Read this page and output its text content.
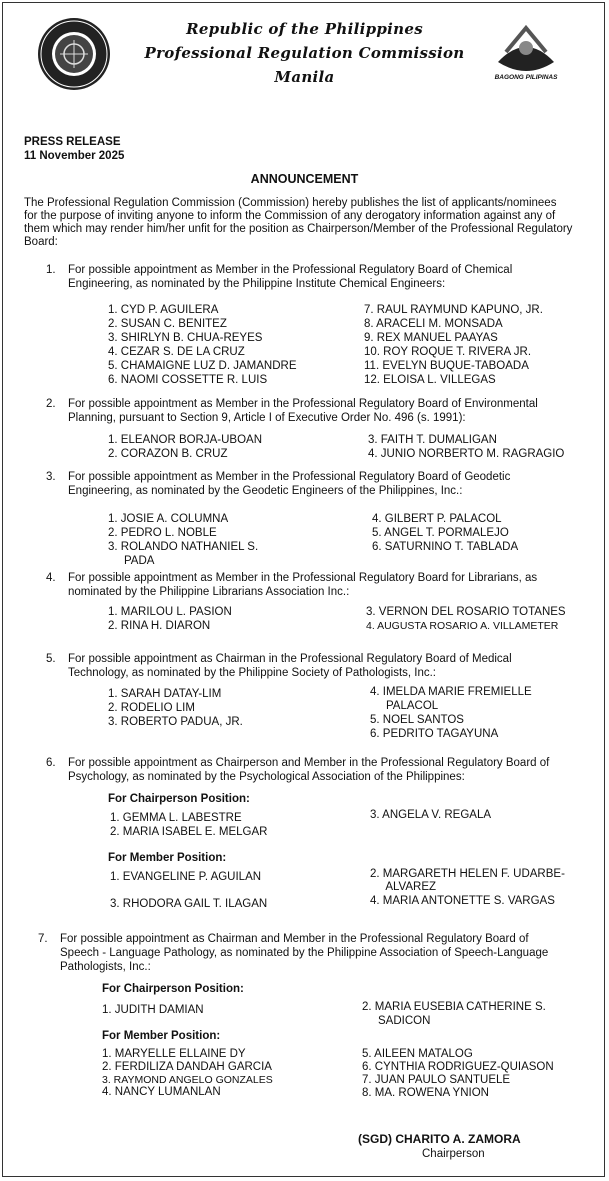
Republic of the Philippines
Professional Regulation Commission
Manila	BAGONG PILIPINAS
PRESS RELEASE
11 November 2025
ANNOUNCEMENT
The Professional Regulation Commission (Commission) hereby publishes the list of applicants/nominees
for the purpose of inviting anyone to inform the Commission of any derogatory information against any of
them which may render him/her unfit for the position as Chairperson/Member of the Professional Regulatory
Board:
1. For possible appointment as Member in the Professional Regulatory Board of Chemical
Engineering, as nominated by the Philippine Institute Chemical Engineers:
1. CYD P. AGUILERA
2. SUSAN C. BENITEZ
3. SHIRLYN B. CHUA-REYES
4. CEZAR S. DE LA CRUZ
5. CHAMAIGNE LUZ D. JAMANDRE
6. NAOMI COSSETTE R. LUIS
7. RAUL RAYMUND KAPUNO, JR.
8. ARACELI M. MONSADA
9. REX MANUEL PAAYAS
10. ROY ROQUE T. RIVERA JR.
11. EVELYN BUQUE-TABOADA
12. ELOISA L. VILLEGAS
2. For possible appointment as Member in the Professional Regulatory Board of Environmental
Planning, pursuant to Section 9, Article I of Executive Order No. 496 (s. 1991):
1. ELEANOR BORJA-UBOAN
2. CORAZON B. CRUZ
3. FAITH T. DUMALIGAN
4. JUNIO NORBERTO M. RAGRAGIO
3. For possible appointment as Member in the Professional Regulatory Board of Geodetic
Engineering, as nominated by the Geodetic Engineers of the Philippines, Inc.:
1. JOSIE A. COLUMNA
2. PEDRO L. NOBLE
3. ROLANDO NATHANIEL S.
PADA
4. GILBERT P. PALACOL
5. ANGEL T. PORMALEJO
6. SATURNINO T. TABLADA
4. For possible appointment as Member in the Professional Regulatory Board for Librarians, as
nominated by the Philippine Librarians Association Inc.:
1. MARILOU L. PASION
2. RINA H. DIARON
3. VERNON DEL ROSARIO TOTANES
4. AUGUSTA ROSARIO A. VILLAMETER
5. For possible appointment as Chairman in the Professional Regulatory Board of Medical
Technology, as nominated by the Philippine Society of Pathologists, Inc.:
1. SARAH DATAY-LIM
2. RODELIO LIM
3. ROBERTO PADUA, JR.
4. IMELDA MARIE FREMIELLE
PALACOL
5. NOEL SANTOS
6. PEDRITO TAGAYUNA
6. For possible appointment as Chairperson and Member in the Professional Regulatory Board of
Psychology, as nominated by the Psychological Association of the Philippines:
For Chairperson Position:
1. GEMMA L. LABESTRE
2. MARIA ISABEL E. MELGAR
3. ANGELA V. REGALA
For Member Position:
1. EVANGELINE P. AGUILAN
3. RHODORA GAIL T. ILAGAN
2. MARGARETH HELEN F. UDARBE-
ALVAREZ
4. MARIA ANTONETTE S. VARGAS
7. For possible appointment as Chairman and Member in the Professional Regulatory Board of
Speech - Language Pathology, as nominated by the Philippine Association of Speech-Language
Pathologists, Inc.:
For Chairperson Position:
1. JUDITH DAMIAN	2. MARIA EUSEBIA CATHERINE S.
SADICON
For Member Position:
1. MARYELLE ELLAINE DY
2. FERDILIZA DANDAH GARCIA
3. RAYMOND ANGELO GONZALES
4. NANCY LUMANLAN
5. AILEEN MATALOG
6. CYNTHIA RODRIGUEZ-QUIASON
7. JUAN PAULO SANTUELE
8. MA. ROWENA YNION
(SGD) CHARITO A. ZAMORA
Chairperson
